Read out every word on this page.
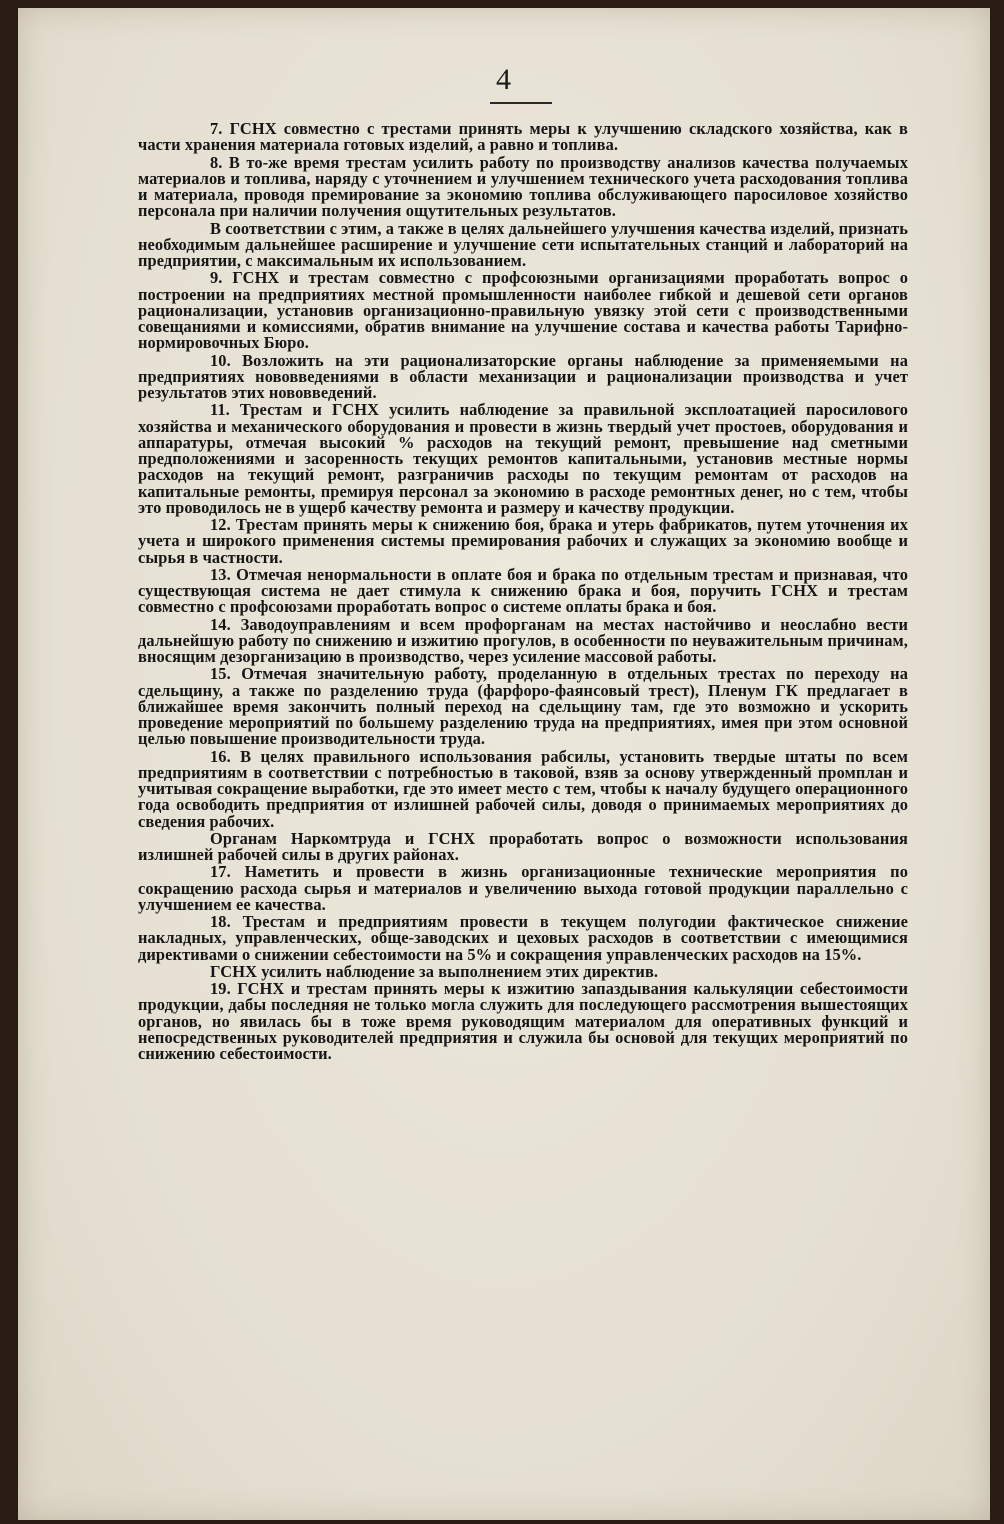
4

7. ГСНХ совместно с трестами принять меры к улучшению складского хозяйства, как в части хранения материала готовых изделий, а равно и топлива.

8. В то-же время трестам усилить работу по производству анализов качества получаемых материалов и топлива, наряду с уточнением и улучшением технического учета расходования топлива и материала, проводя премирование за экономию топлива обслуживающего паросиловое хозяйство персонала при наличии получения ощутительных результатов.

В соответствии с этим, а также в целях дальнейшего улучшения качества изделий, признать необходимым дальнейшее расширение и улучшение сети испытательных станций и лабораторий на предприятии, с максимальным их использованием.

9. ГСНХ и трестам совместно с профсоюзными организациями проработать вопрос о построении на предприятиях местной промышленности наиболее гибкой и дешевой сети органов рационализации, установив организационно-правильную увязку этой сети с производственными совещаниями и комиссиями, обратив внимание на улучшение состава и качества работы Тарифно-нормировочных Бюро.

10. Возложить на эти рационализаторские органы наблюдение за применяемыми на предприятиях нововведениями в области механизации и рационализации производства и учет результатов этих нововведений.

11. Трестам и ГСНХ усилить наблюдение за правильной эксплоатацией паросилового хозяйства и механического оборудования и провести в жизнь твердый учет простоев, оборудования и аппаратуры, отмечая высокий % расходов на текущий ремонт, превышение над сметными предположениями и засоренность текущих ремонтов капитальными, установив местные нормы расходов на текущий ремонт, разграничив расходы по текущим ремонтам от расходов на капитальные ремонты, премируя персонал за экономию в расходе ремонтных денег, но с тем, чтобы это проводилось не в ущерб качеству ремонта и размеру и качеству продукции.

12. Трестам принять меры к снижению боя, брака и утерь фабрикатов, путем уточнения их учета и широкого применения системы премирования рабочих и служащих за экономию вообще и сырья в частности.

13. Отмечая ненормальности в оплате боя и брака по отдельным трестам и признавая, что существующая система не дает стимула к снижению брака и боя, поручить ГСНХ и трестам совместно с профсоюзами проработать вопрос о системе оплаты брака и боя.

14. Заводоуправлениям и всем профорганам на местах настойчиво и неослабно вести дальнейшую работу по снижению и изжитию прогулов, в особенности по неуважительным причинам, вносящим дезорганизацию в производство, через усиление массовой работы.

15. Отмечая значительную работу, проделанную в отдельных трестах по переходу на сдельщину, а также по разделению труда (фарфоро-фаянсовый трест), Пленум ГК предлагает в ближайшее время закончить полный переход на сдельщину там, где это возможно и ускорить проведение мероприятий по большему разделению труда на предприятиях, имея при этом основной целью повышение производительности труда.

16. В целях правильного использования рабсилы, установить твердые штаты по всем предприятиям в соответствии с потребностью в таковой, взяв за основу утвержденный промплан и учитывая сокращение выработки, где это имеет место с тем, чтобы к началу будущего операционного года освободить предприятия от излишней рабочей силы, доводя о принимаемых мероприятиях до сведения рабочих.

Органам Наркомтруда и ГСНХ проработать вопрос о возможности использования излишней рабочей силы в других районах.

17. Наметить и провести в жизнь организационные технические мероприятия по сокращению расхода сырья и материалов и увеличению выхода готовой продукции параллельно с улучшением ее качества.

18. Трестам и предприятиям провести в текущем полугодии фактическое снижение накладных, управленческих, обще-заводских и цеховых расходов в соответствии с имеющимися директивами о снижении себестоимости на 5% и сокращения управленческих расходов на 15%.

ГСНХ усилить наблюдение за выполнением этих директив.

19. ГСНХ и трестам принять меры к изжитию запаздывания калькуляции себестоимости продукции, дабы последняя не только могла служить для последующего рассмотрения вышестоящих органов, но явилась бы в тоже время руководящим материалом для оперативных функций и непосредственных руководителей предприятия и служила бы основой для текущих мероприятий по снижению себестоимости.
